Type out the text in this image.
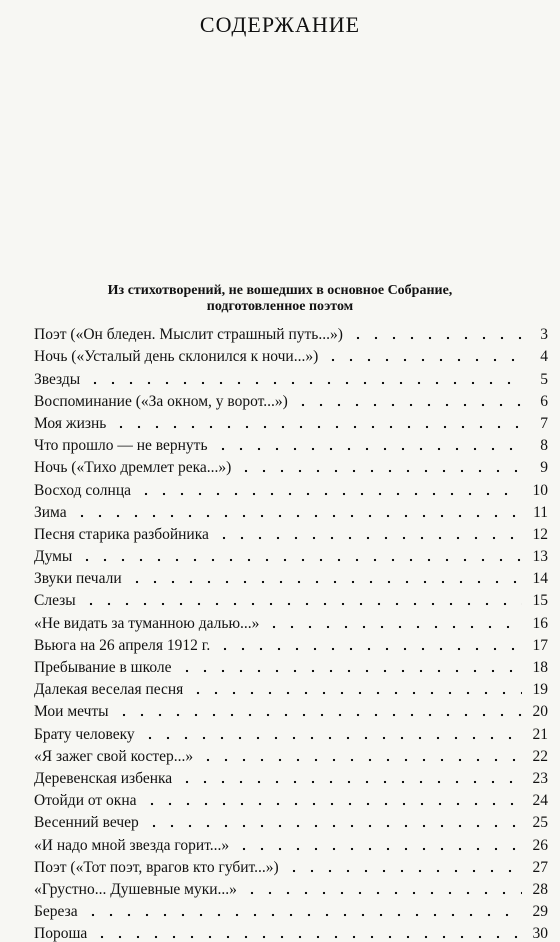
СОДЕРЖАНИЕ
Из стихотворений, не вошедших в основное Собрание,
подготовленное поэтом
Поэт («Он бледен. Мыслит страшный путь...»)	3
Ночь («Усталый день склонился к ночи...»)	4
Звезды	5
Воспоминание («За окном, у ворот...»)	6
Моя жизнь	7
Что прошло — не вернуть	8
Ночь («Тихо дремлет река...»)	9
Восход солнца	10
Зима	11
Песня старика разбойника	12
Думы	13
Звуки печали	14
Слезы	15
«Не видать за туманною далью...»	16
Вьюга на 26 апреля 1912 г.	17
Пребывание в школе	18
Далекая веселая песня	19
Мои мечты	20
Брату человеку	21
«Я зажег свой костер...»	22
Деревенская избенка	23
Отойди от окна	24
Весенний вечер	25
«И надо мной звезда горит...»	26
Поэт («Тот поэт, врагов кто губит...»)	27
«Грустно... Душевные муки...»	28
Береза	29
Пороша	30
